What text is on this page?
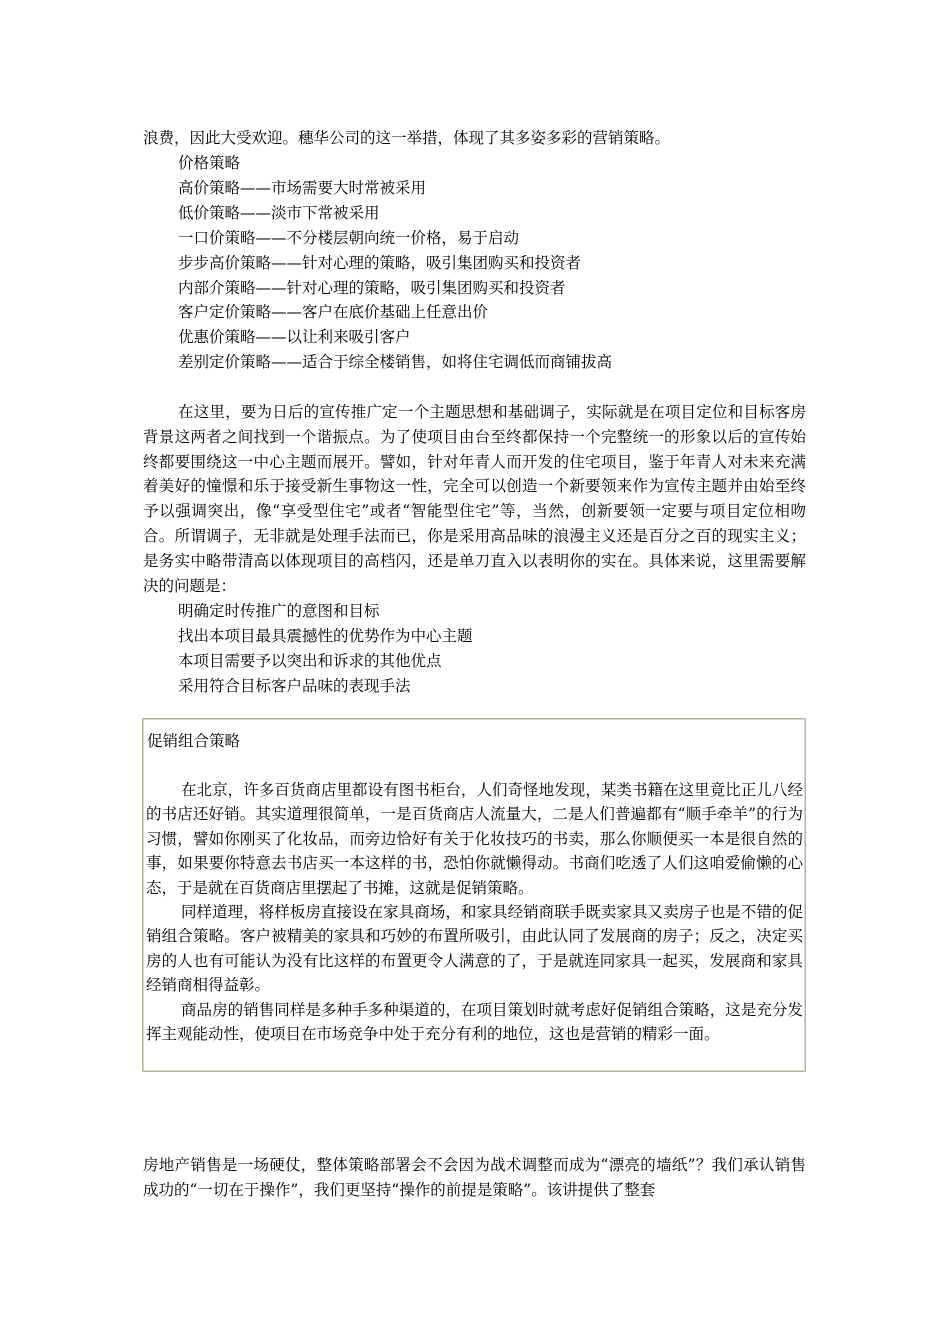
浪费，因此大受欢迎。穗华公司的这一举措，体现了其多姿多彩的营销策略。
价格策略
高价策略——市场需要大时常被采用
低价策略——淡市下常被采用
一口价策略——不分楼层朝向统一价格，易于启动
步步高价策略——针对心理的策略，吸引集团购买和投资者
内部介策略——针对心理的策略，吸引集团购买和投资者
客户定价策略——客户在底价基础上任意出价
优惠价策略——以让利来吸引客户
差别定价策略——适合于综全楼销售，如将住宅调低而商铺拔高

在这里，要为日后的宣传推广定一个主题思想和基础调子，实际就是在项目定位和目标客房背景这两者之间找到一个谐振点。为了使项目由台至终都保持一个完整统一的形象以后的宣传始终都要围绕这一中心主题而展开。譬如，针对年青人而开发的住宅项目，鉴于年青人对未来充满着美好的憧憬和乐于接受新生事物这一性，完全可以创造一个新要领来作为宣传主题并由始至终予以强调突出，像“享受型住宅”或者“智能型住宅”等，当然，创新要领一定要与项目定位相吻合。所谓调子，无非就是处理手法而已，你是采用高品味的浪漫主义还是百分之百的现实主义；是务实中略带清高以体现项目的高档闪，还是单刀直入以表明你的实在。具体来说，这里需要解决的问题是：

明确定时传推广的意图和目标
找出本项目最具震撼性的优势作为中心主题
本项目需要予以突出和诉求的其他优点
采用符合目标客户品味的表现手法
促销组合策略

在北京，许多百货商店里都设有图书柜台，人们奇怪地发现，某类书籍在这里竟比正儿八经的书店还好销。其实道理很简单，一是百货商店人流量大，二是人们普遍都有“顺手牵羊”的行为习惯，譬如你刚买了化妆品，而旁边恰好有关于化妆技巧的书卖，那么你顺便买一本是很自然的事，如果要你特意去书店买一本这样的书，恐怕你就懒得动。书商们吃透了人们这咱爱偷懒的心态，于是就在百货商店里摆起了书摊，这就是促销策略。

同样道理，将样板房直接设在家具商场，和家具经销商联手既卖家具又卖房子也是不错的促销组合策略。客户被精美的家具和巧妙的布置所吸引，由此认同了发展商的房子；反之，决定买房的人也有可能认为没有比这样的布置更令人满意的了，于是就连同家具一起买，发展商和家具经销商相得益彰。

商品房的销售同样是多种手多种渠道的，在项目策划时就考虑好促销组合策略，这是充分发挥主观能动性，使项目在市场竞争中处于充分有利的地位，这也是营销的精彩一面。

房地产销售是一场硬仗，整体策略部署会不会因为战术调整而成为“漂亮的墙纸”？我们承认销售成功的“一切在于操作”，我们更坚持“操作的前提是策略”。该讲提供了整套
